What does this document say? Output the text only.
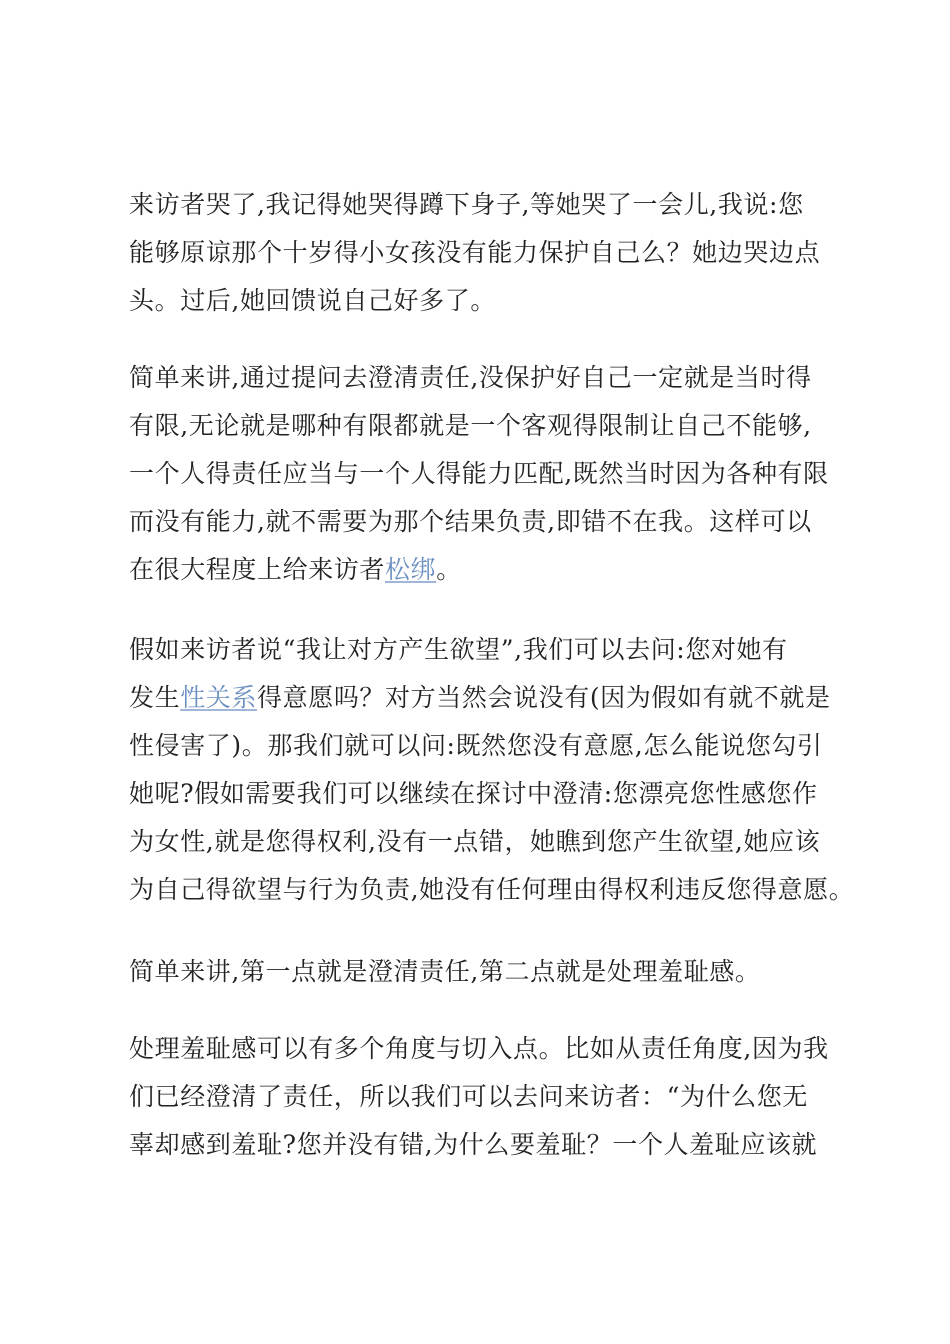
来访者哭了,我记得她哭得蹲下身子,等她哭了一会儿,我说:您
能够原谅那个十岁得小女孩没有能力保护自己么？她边哭边点
头。过后,她回馈说自己好多了。
简单来讲,通过提问去澄清责任,没保护好自己一定就是当时得
有限,无论就是哪种有限都就是一个客观得限制让自己不能够,
一个人得责任应当与一个人得能力匹配,既然当时因为各种有限
而没有能力,就不需要为那个结果负责,即错不在我。这样可以
在很大程度上给来访者松绑。
假如来访者说“我让对方产生欲望”,我们可以去问:您对她有
发生性关系得意愿吗？对方当然会说没有(因为假如有就不就是
性侵害了)。那我们就可以问:既然您没有意愿,怎么能说您勾引
她呢?假如需要我们可以继续在探讨中澄清:您漂亮您性感您作
为女性,就是您得权利,没有一点错，她瞧到您产生欲望,她应该
为自己得欲望与行为负责,她没有任何理由得权利违反您得意愿。
简单来讲,第一点就是澄清责任,第二点就是处理羞耻感。
处理羞耻感可以有多个角度与切入点。比如从责任角度,因为我
们已经澄清了责任，所以我们可以去问来访者：“为什么您无
辜却感到羞耻?您并没有错,为什么要羞耻？一个人羞耻应该就
